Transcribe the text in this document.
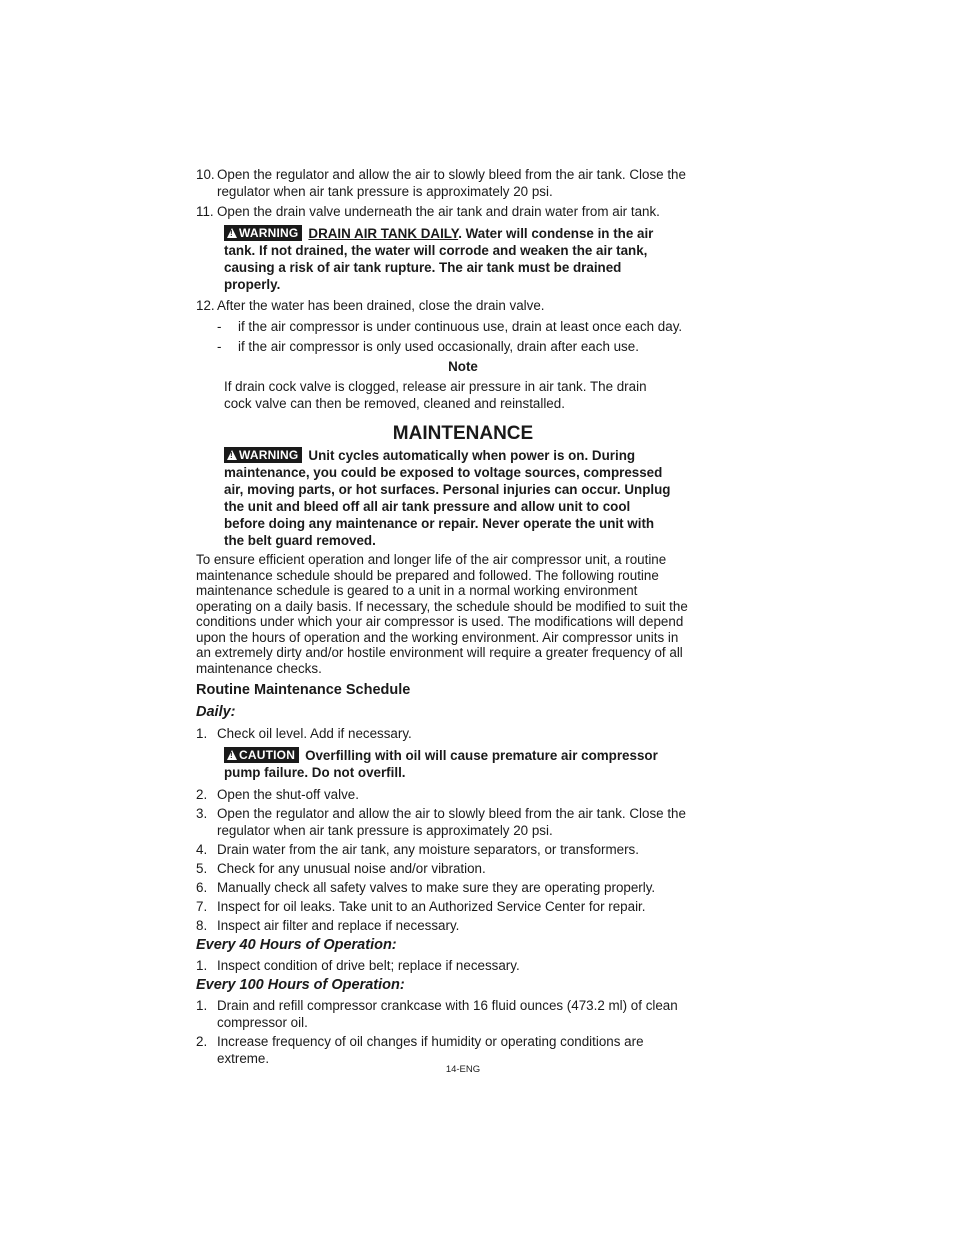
10. Open the regulator and allow the air to slowly bleed from the air tank. Close the
regulator when air tank pressure is approximately 20 psi.
11. Open the drain valve underneath the air tank and drain water from air tank.
!WARNING DRAIN AIR TANK DAILY. Water will condense in the air
tank. If not drained, the water will corrode and weaken the air tank,
causing a risk of air tank rupture. The air tank must be drained
properly.
12. After the water has been drained, close the drain valve.
- if the air compressor is under continuous use, drain at least once each day.
- if the air compressor is only used occasionally, drain after each use.
Note
If drain cock valve is clogged, release air pressure in air tank. The drain
cock valve can then be removed, cleaned and reinstalled.
MAINTENANCE
!WARNING Unit cycles automatically when power is on. During
maintenance, you could be exposed to voltage sources, compressed
air, moving parts, or hot surfaces. Personal injuries can occur. Unplug
the unit and bleed off all air tank pressure and allow unit to cool
before doing any maintenance or repair. Never operate the unit with
the belt guard removed.
To ensure efficient operation and longer life of the air compressor unit, a routine
maintenance schedule should be prepared and followed. The following routine
maintenance schedule is geared to a unit in a normal working environment
operating on a daily basis. If necessary, the schedule should be modified to suit the
conditions under which your air compressor is used. The modifications will depend
upon the hours of operation and the working environment. Air compressor units in
an extremely dirty and/or hostile environment will require a greater frequency of all
maintenance checks.
Routine Maintenance Schedule
Daily:
1. Check oil level. Add if necessary.
!CAUTION Overfilling with oil will cause premature air compressor
pump failure. Do not overfill.
2. Open the shut-off valve.
3. Open the regulator and allow the air to slowly bleed from the air tank. Close the
regulator when air tank pressure is approximately 20 psi.
4. Drain water from the air tank, any moisture separators, or transformers.
5. Check for any unusual noise and/or vibration.
6. Manually check all safety valves to make sure they are operating properly.
7. Inspect for oil leaks. Take unit to an Authorized Service Center for repair.
8. Inspect air filter and replace if necessary.
Every 40 Hours of Operation:
1. Inspect condition of drive belt; replace if necessary.
Every 100 Hours of Operation:
1. Drain and refill compressor crankcase with 16 fluid ounces (473.2 ml) of clean
compressor oil.
2. Increase frequency of oil changes if humidity or operating conditions are
extreme.
14-ENG
